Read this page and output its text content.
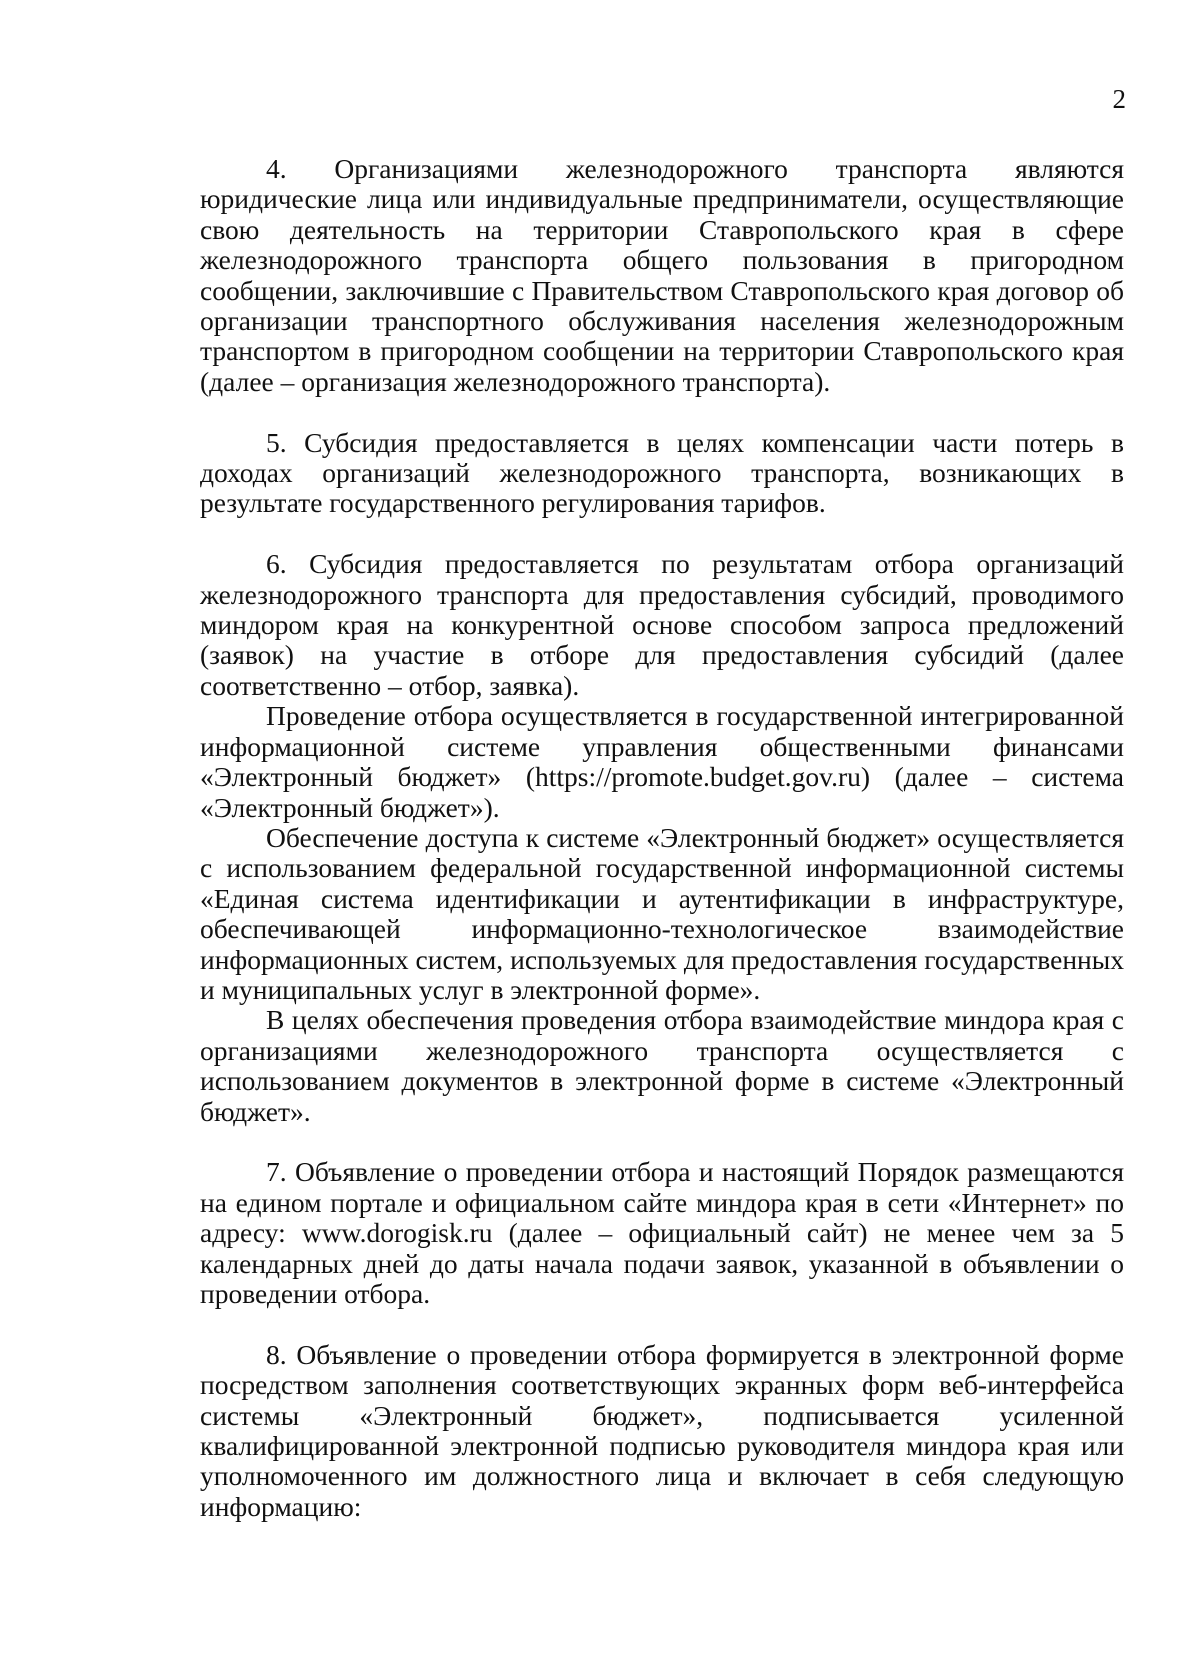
2

4. Организациями железнодорожного транспорта являются юридические лица или индивидуальные предприниматели, осуществляющие свою деятельность на территории Ставропольского края в сфере железнодорожного транспорта общего пользования в пригородном сообщении, заключившие с Правительством Ставропольского края договор об организации транспортного обслуживания населения железнодорожным транспортом в пригородном сообщении на территории Ставропольского края (далее – организация железнодорожного транспорта).

5. Субсидия предоставляется в целях компенсации части потерь в доходах организаций железнодорожного транспорта, возникающих в результате государственного регулирования тарифов.

6. Субсидия предоставляется по результатам отбора организаций железнодорожного транспорта для предоставления субсидий, проводимого миндором края на конкурентной основе способом запроса предложений (заявок) на участие в отборе для предоставления субсидий (далее соответственно – отбор, заявка).

Проведение отбора осуществляется в государственной интегрированной информационной системе управления общественными финансами «Электронный бюджет» (https://promote.budget.gov.ru) (далее – система «Электронный бюджет»).

Обеспечение доступа к системе «Электронный бюджет» осуществляется с использованием федеральной государственной информационной системы «Единая система идентификации и аутентификации в инфраструктуре, обеспечивающей информационно-технологическое взаимодействие информационных систем, используемых для предоставления государственных и муниципальных услуг в электронной форме».

В целях обеспечения проведения отбора взаимодействие миндора края с организациями железнодорожного транспорта осуществляется с использованием документов в электронной форме в системе «Электронный бюджет».

7. Объявление о проведении отбора и настоящий Порядок размещаются на едином портале и официальном сайте миндора края в сети «Интернет» по адресу: www.dorogisk.ru (далее – официальный сайт) не менее чем за 5 календарных дней до даты начала подачи заявок, указанной в объявлении о проведении отбора.

8. Объявление о проведении отбора формируется в электронной форме посредством заполнения соответствующих экранных форм веб-интерфейса системы «Электронный бюджет», подписывается усиленной квалифицированной электронной подписью руководителя миндора края или уполномоченного им должностного лица и включает в себя следующую информацию:
